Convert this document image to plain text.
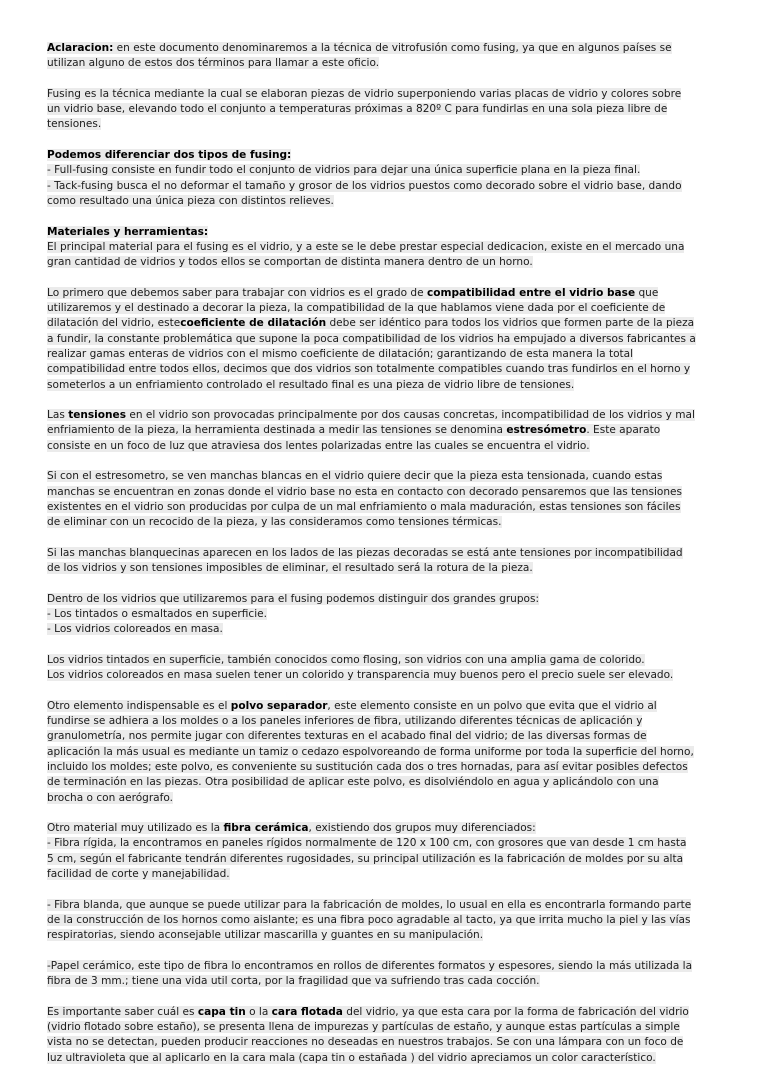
Aclaracion: en este documento denominaremos a la técnica de vitrofusión como fusing, ya que en algunos países se
utilizan alguno de estos dos términos para llamar a este oficio.
Fusing es la técnica mediante la cual se elaboran piezas de vidrio superponiendo varias placas de vidrio y colores sobre
un vidrio base, elevando todo el conjunto a temperaturas próximas a 820º C para fundirlas en una sola pieza libre de
tensiones.
Podemos diferenciar dos tipos de fusing:
- Full-fusing consiste en fundir todo el conjunto de vidrios para dejar una única superficie plana en la pieza final.
- Tack-fusing busca el no deformar el tamaño y grosor de los vidrios puestos como decorado sobre el vidrio base, dando
como resultado una única pieza con distintos relieves.
Materiales y herramientas:
El principal material para el fusing es el vidrio, y a este se le debe prestar especial dedicacion, existe en el mercado una
gran cantidad de vidrios y todos ellos se comportan de distinta manera dentro de un horno.
Lo primero que debemos saber para trabajar con vidrios es el grado de compatibilidad entre el vidrio base que
utilizaremos y el destinado a decorar la pieza, la compatibilidad de la que hablamos viene dada por el coeficiente de
dilatación del vidrio, estecoeficiente de dilatación debe ser idéntico para todos los vidrios que formen parte de la pieza
a fundir, la constante problemática que supone la poca compatibilidad de los vidrios ha empujado a diversos fabricantes a
realizar gamas enteras de vidrios con el mismo coeficiente de dilatación; garantizando de esta manera la total
compatibilidad entre todos ellos, decimos que dos vidrios son totalmente compatibles cuando tras fundirlos en el horno y
someterlos a un enfriamiento controlado el resultado final es una pieza de vidrio libre de tensiones.
Las tensiones en el vidrio son provocadas principalmente por dos causas concretas, incompatibilidad de los vidrios y mal
enfriamiento de la pieza, la herramienta destinada a medir las tensiones se denomina estresómetro. Este aparato
consiste en un foco de luz que atraviesa dos lentes polarizadas entre las cuales se encuentra el vidrio.
Si con el estresometro, se ven manchas blancas en el vidrio quiere decir que la pieza esta tensionada, cuando estas
manchas se encuentran en zonas donde el vidrio base no esta en contacto con decorado pensaremos que las tensiones
existentes en el vidrio son producidas por culpa de un mal enfriamiento o mala maduración, estas tensiones son fáciles
de eliminar con un recocido de la pieza, y las consideramos como tensiones térmicas.
Si las manchas blanquecinas aparecen en los lados de las piezas decoradas se está ante tensiones por incompatibilidad
de los vidrios y son tensiones imposibles de eliminar, el resultado será la rotura de la pieza.
Dentro de los vidrios que utilizaremos para el fusing podemos distinguir dos grandes grupos:
- Los tintados o esmaltados en superficie.
- Los vidrios coloreados en masa.
Los vidrios tintados en superficie, también conocidos como flosing, son vidrios con una amplia gama de colorido.
Los vidrios coloreados en masa suelen tener un colorido y transparencia muy buenos pero el precio suele ser elevado.
Otro elemento indispensable es el polvo separador, este elemento consiste en un polvo que evita que el vidrio al
fundirse se adhiera a los moldes o a los paneles inferiores de fibra, utilizando diferentes técnicas de aplicación y
granulometría, nos permite jugar con diferentes texturas en el acabado final del vidrio; de las diversas formas de
aplicación la más usual es mediante un tamiz o cedazo espolvoreando de forma uniforme por toda la superficie del horno,
incluido los moldes; este polvo, es conveniente su sustitución cada dos o tres hornadas, para así evitar posibles defectos
de terminación en las piezas. Otra posibilidad de aplicar este polvo, es disolviéndolo en agua y aplicándolo con una
brocha o con aerógrafo.
Otro material muy utilizado es la fibra cerámica, existiendo dos grupos muy diferenciados:
- Fibra rígida, la encontramos en paneles rígidos normalmente de 120 x 100 cm, con grosores que van desde 1 cm hasta
5 cm, según el fabricante tendrán diferentes rugosidades, su principal utilización es la fabricación de moldes por su alta
facilidad de corte y manejabilidad.
- Fibra blanda, que aunque se puede utilizar para la fabricación de moldes, lo usual en ella es encontrarla formando parte
de la construcción de los hornos como aislante; es una fibra poco agradable al tacto, ya que irrita mucho la piel y las vías
respiratorias, siendo aconsejable utilizar mascarilla y guantes en su manipulación.
-Papel cerámico, este tipo de fibra lo encontramos en rollos de diferentes formatos y espesores, siendo la más utilizada la
fibra de 3 mm.; tiene una vida util corta, por la fragilidad que va sufriendo tras cada cocción.
Es importante saber cuál es capa tin o la cara flotada del vidrio, ya que esta cara por la forma de fabricación del vidrio
(vidrio flotado sobre estaño), se presenta llena de impurezas y partículas de estaño, y aunque estas partículas a simple
vista no se detectan, pueden producir reacciones no deseadas en nuestros trabajos. Se con una lámpara con un foco de
luz ultravioleta que al aplicarlo en la cara mala (capa tin o estañada ) del vidrio apreciamos un color característico.
